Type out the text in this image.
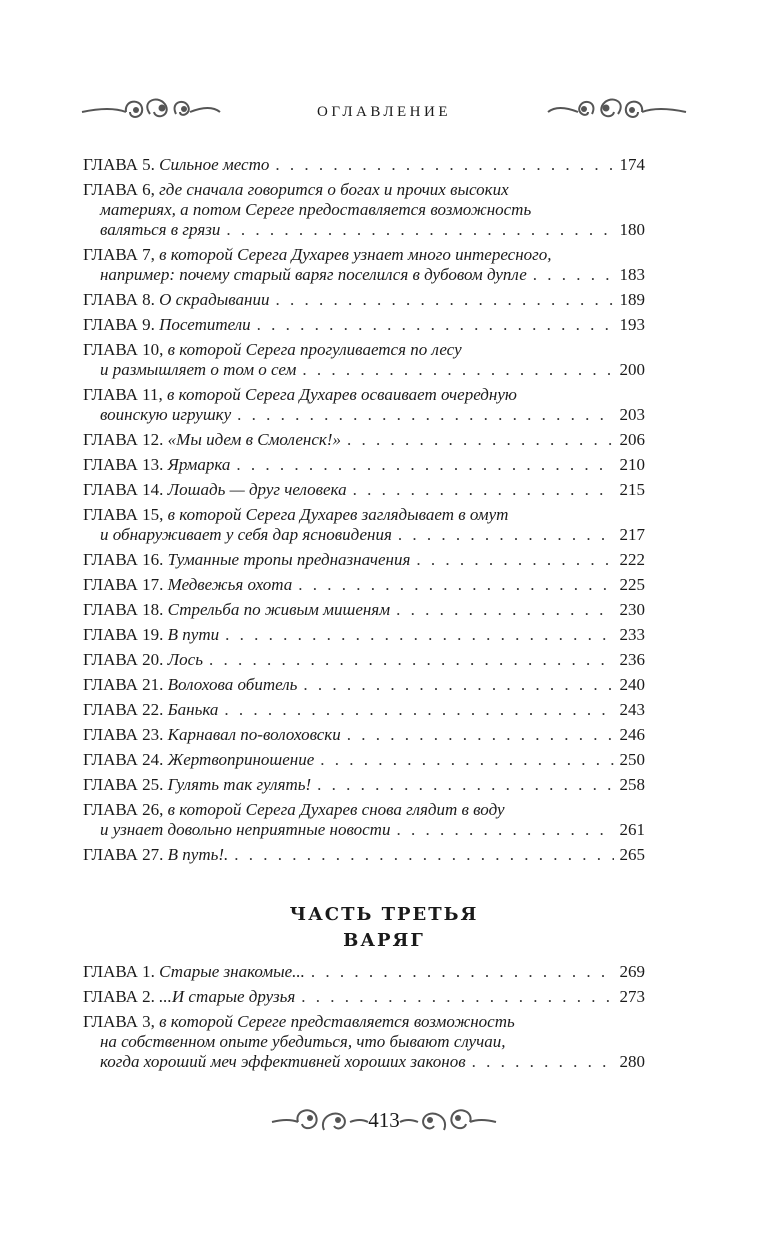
ОГЛАВЛЕНИЕ
ГЛАВА 5. Сильное место . . .	174
ГЛАВА 6, где сначала говорится о богах и прочих высоких
материях, а потом Сереге предоставляется возможность
валяться в грязи . . .	180
ГЛАВА 7, в которой Серега Духарев узнает много интересного,
например: почему старый варяг поселился в дубовом дупле . . .	183
ГЛАВА 8. О скрадывании . . .	189
ГЛАВА 9. Посетители . . .	193
ГЛАВА 10, в которой Серега прогуливается по лесу
и размышляет о том о сем . . .	200
ГЛАВА 11, в которой Серега Духарев осваивает очередную
воинскую игрушку . . .	203
ГЛАВА 12. «Мы идем в Смоленск!» . . .	206
ГЛАВА 13. Ярмарка . . .	210
ГЛАВА 14. Лошадь — друг человека . . .	215
ГЛАВА 15, в которой Серега Духарев заглядывает в омут
и обнаруживает у себя дар ясновидения . . .	217
ГЛАВА 16. Туманные тропы предназначения . . .	222
ГЛАВА 17. Медвежья охота . . .	225
ГЛАВА 18. Стрельба по живым мишеням . . .	230
ГЛАВА 19. В пути . . .	233
ГЛАВА 20. Лось . . .	236
ГЛАВА 21. Волохова обитель . . .	240
ГЛАВА 22. Банька . . .	243
ГЛАВА 23. Карнавал по-волоховски . . .	246
ГЛАВА 24. Жертвоприношение . . .	250
ГЛАВА 25. Гулять так гулять! . . .	258
ГЛАВА 26, в которой Серега Духарев снова глядит в воду
и узнает довольно неприятные новости . . .	261
ГЛАВА 27. В путь!. . . .	265
ЧАСТЬ ТРЕТЬЯ
ВАРЯГ
ГЛАВА 1. Старые знакомые... . . .	269
ГЛАВА 2. ...И старые друзья . . .	273
ГЛАВА 3, в которой Сереге представляется возможность
на собственном опыте убедиться, что бывают случаи,
когда хороший меч эффективней хороших законов . . .	280
413
